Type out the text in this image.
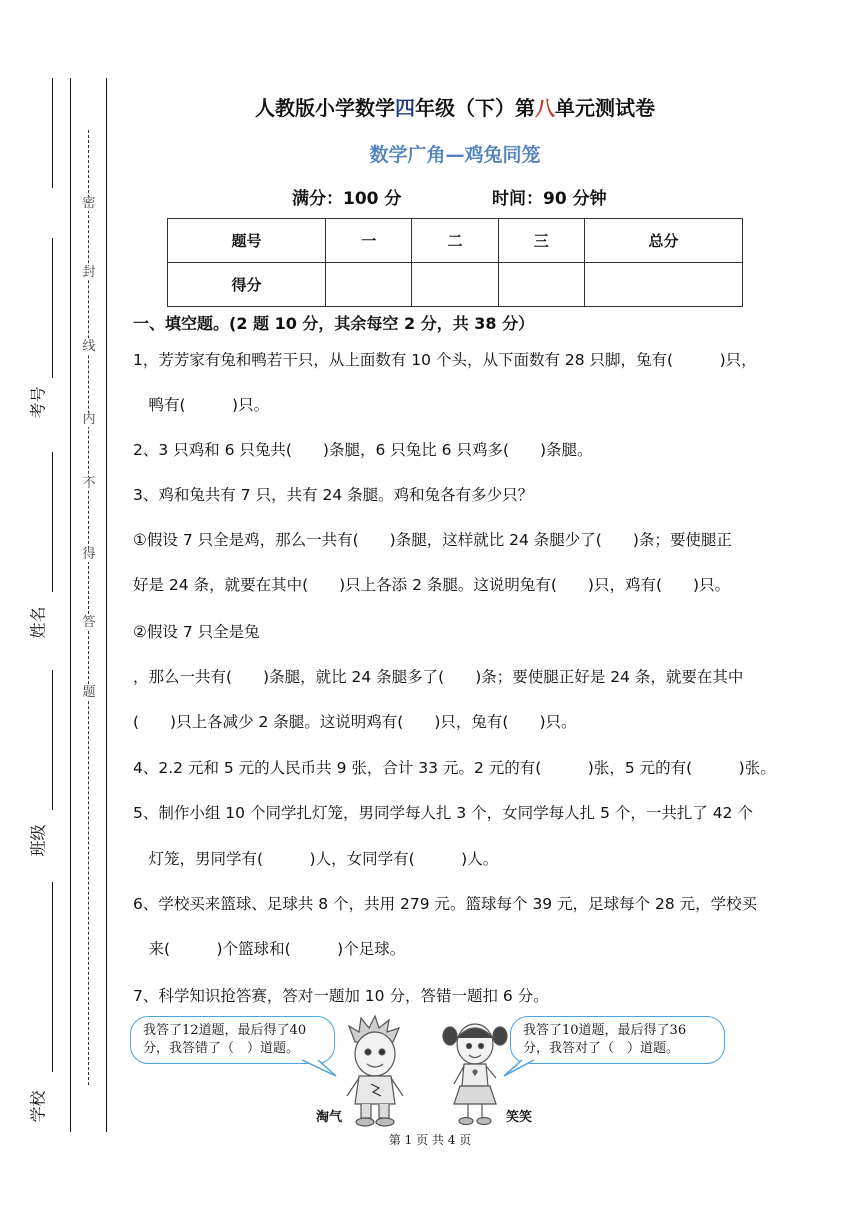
密
封
线
内
不
得
答
题
考号
姓名
班级
学校
人教版小学数学四年级（下）第八单元测试卷
数学广角—鸡兔同笼
满分：100 分	时间：90 分钟
题号	一	二	三	总分
得分				
一、填空题。(2 题 10 分，其余每空 2 分，共 38 分）
1，芳芳家有兔和鸭若干只，从上面数有 10 个头，从下面数有 28 只脚，兔有(　　　)只，
　鸭有(　　　)只。
2、3 只鸡和 6 只兔共(　　)条腿，6 只兔比 6 只鸡多(　　)条腿。
3、鸡和兔共有 7 只，共有 24 条腿。鸡和兔各有多少只？
①假设 7 只全是鸡，那么一共有(　　)条腿，这样就比 24 条腿少了(　　)条；要使腿正
好是 24 条，就要在其中(　　)只上各添 2 条腿。这说明兔有(　　)只，鸡有(　　)只。
②假设 7 只全是兔
，那么一共有(　　)条腿，就比 24 条腿多了(　　)条；要使腿正好是 24 条，就要在其中
(　　)只上各减少 2 条腿。这说明鸡有(　　)只，兔有(　　)只。
4、2.2 元和 5 元的人民币共 9 张，合计 33 元。2 元的有(　　　)张，5 元的有(　　　)张。
5、制作小组 10 个同学扎灯笼，男同学每人扎 3 个，女同学每人扎 5 个，一共扎了 42 个
　灯笼，男同学有(　　　)人，女同学有(　　　)人。
6、学校买来篮球、足球共 8 个，共用 279 元。篮球每个 39 元，足球每个 28 元，学校买
　来(　　　)个篮球和(　　　)个足球。
7、科学知识抢答赛，答对一题加 10 分，答错一题扣 6 分。
我答了12道题，最后得了40
分，我答错了（　）道题。
我答了10道题，最后得了36
分，我答对了（　）道题。
淘气	笑笑
第 1 页 共 4 页
